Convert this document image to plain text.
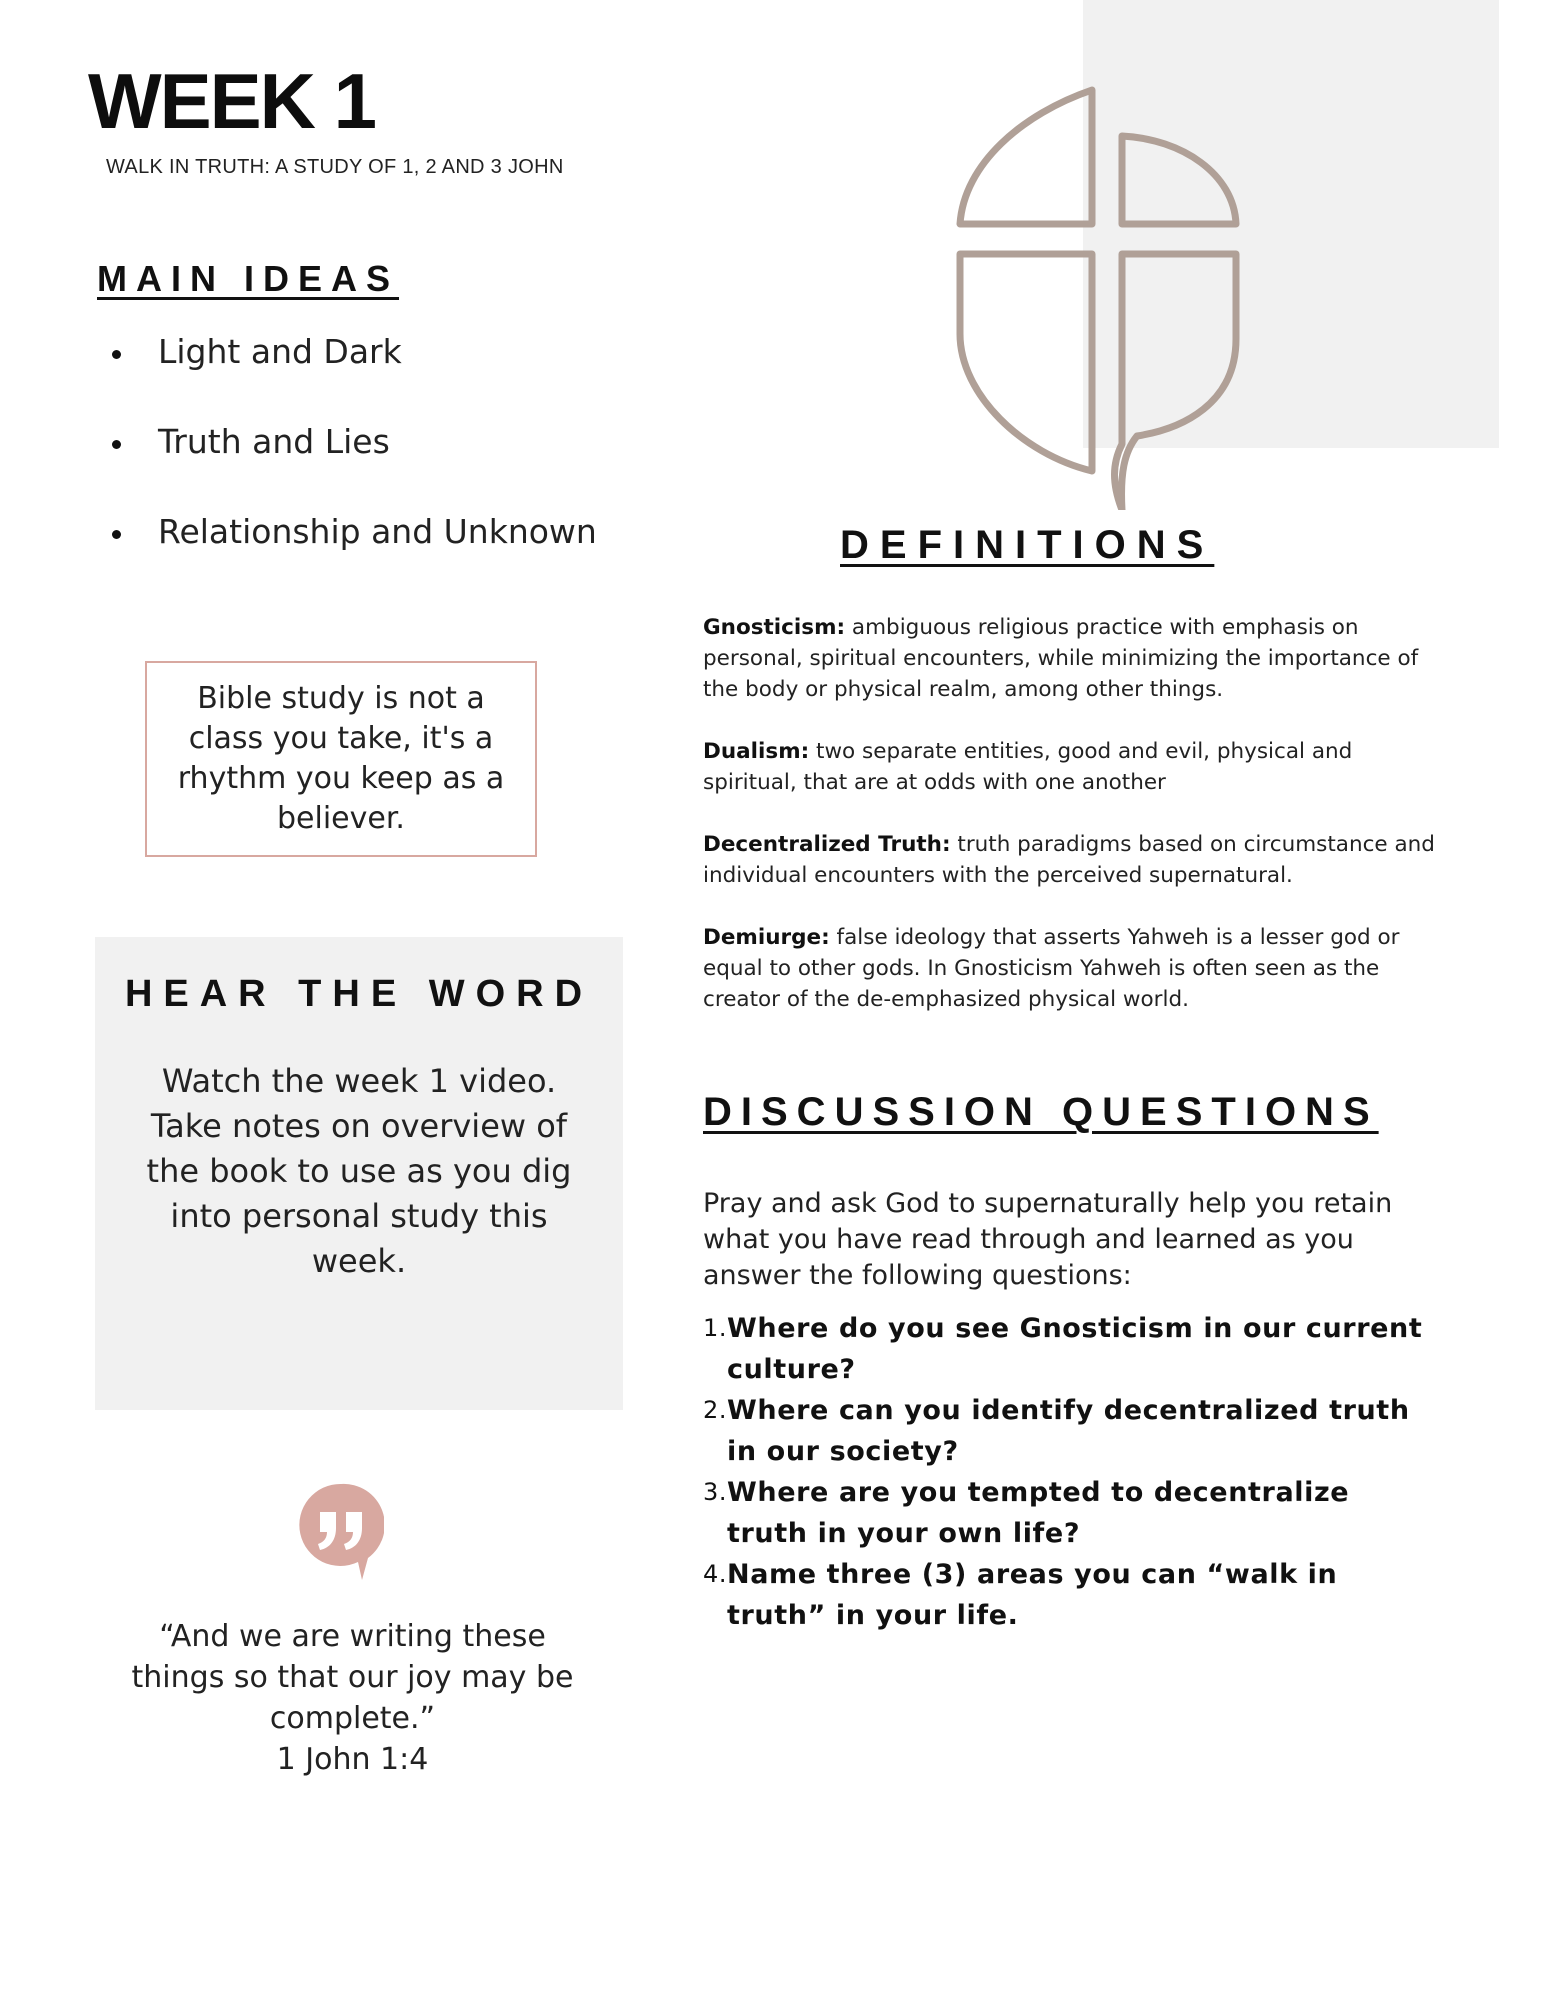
WEEK 1
WALK IN TRUTH: A STUDY OF 1, 2 AND 3 JOHN
MAIN IDEAS
Light and Dark
Truth and Lies
Relationship and Unknown
Bible study is not a class you take, it's a rhythm you keep as a believer.
HEAR THE WORD
Watch the week 1 video. Take notes on overview of the book to use as you dig into personal study this week.
“And we are writing these things so that our joy may be complete.”
1 John 1:4
DEFINITIONS
Gnosticism: ambiguous religious practice with emphasis on personal, spiritual encounters, while minimizing the importance of the body or physical realm, among other things.
Dualism: two separate entities, good and evil, physical and spiritual, that are at odds with one another
Decentralized Truth: truth paradigms based on circumstance and individual encounters with the perceived supernatural.
Demiurge: false ideology that asserts Yahweh is a lesser god or equal to other gods. In Gnosticism Yahweh is often seen as the creator of the de-emphasized physical world.
DISCUSSION QUESTIONS
Pray and ask God to supernaturally help you retain what you have read through and learned as you answer the following questions:
1. Where do you see Gnosticism in our current culture?
2. Where can you identify decentralized truth in our society?
3. Where are you tempted to decentralize truth in your own life?
4. Name three (3) areas you can “walk in truth” in your life.
